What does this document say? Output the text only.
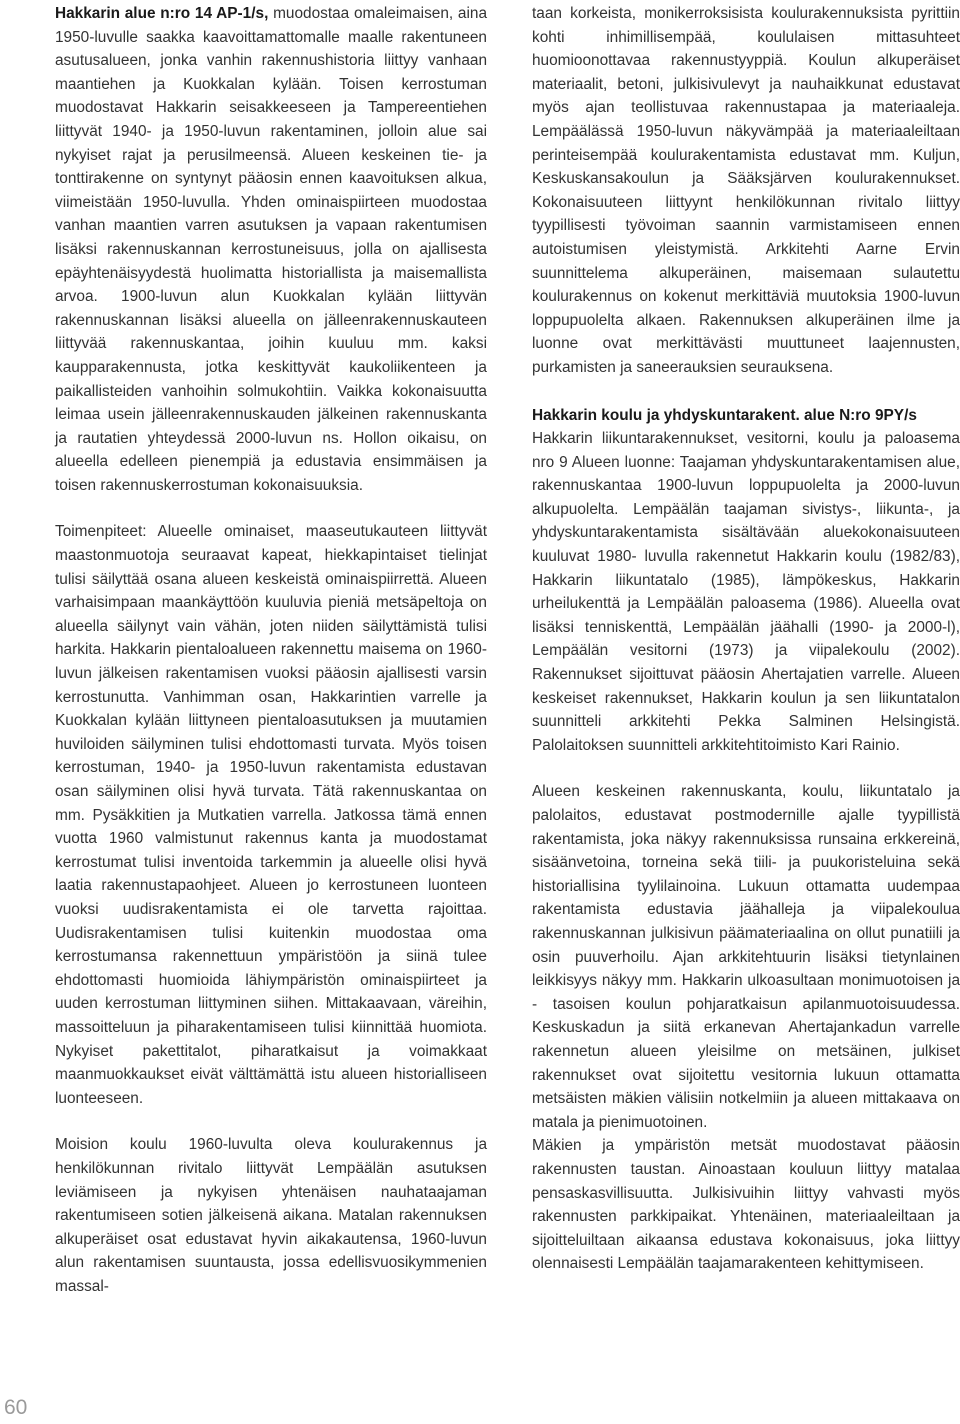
Hakkarin alue n:ro 14 AP-1/s, muodostaa omaleimaisen, aina 1950-luvulle saakka kaavoittamattomalle maalle rakentuneen asutusalueen, jonka vanhin rakennushistoria liittyy vanhaan maantiehen ja Kuokkalan kylään. Toisen kerrostuman muodostavat Hakkarin seisakkeeseen ja Tampereentiehen liittyvät 1940- ja 1950-luvun rakentaminen, jolloin alue sai nykyiset rajat ja perusilmeensä. Alueen keskeinen tie- ja tonttirakenne on syntynyt pääosin ennen kaavoituksen alkua, viimeistään 1950-luvulla. Yhden ominaispiirteen muodostaa vanhan maantien varren asutuksen ja vapaan rakentumisen lisäksi rakennuskannan kerrostuneisuus, jolla on ajallisesta epäyhtenäisyydestä huolimatta historiallista ja maisemallista arvoa. 1900-luvun alun Kuokkalan kylään liittyvän rakennuskannan lisäksi alueella on jälleenrakennuskauteen liittyvää rakennuskantaa, joihin kuuluu mm. kaksi kaupparakennusta, jotka keskittyvät kaukoliikenteen ja paikallisteiden vanhoihin solmukohtiin. Vaikka kokonaisuutta leimaa usein jälleenrakennuskauden jälkeinen rakennuskanta ja rautatien yhteydessä 2000-luvun ns. Hollon oikaisu, on alueella edelleen pienempiä ja edustavia ensimmäisen ja toisen rakennuskerrostuman kokonaisuuksia.

Toimenpiteet: Alueelle ominaiset, maaseutukauteen liittyvät maastonmuotoja seuraavat kapeat, hiekkapintaiset tielinjat tulisi säilyttää osana alueen keskeistä ominaispiirrettä. Alueen varhaisimpaan maankäyttöön kuuluvia pieniä metsäpeltoja on alueella säilynyt vain vähän, joten niiden säilyttämistä tulisi harkita. Hakkarin pientaloalueen rakennettu maisema on 1960- luvun jälkeisen rakentamisen vuoksi pääosin ajallisesti varsin kerrostunutta. Vanhimman osan, Hakkarintien varrelle ja Kuokkalan kylään liittyneen pientaloasutuksen ja muutamien huviloiden säilyminen tulisi ehdottomasti turvata. Myös toisen kerrostuman, 1940- ja 1950-luvun rakentamista edustavan osan säilyminen olisi hyvä turvata. Tätä rakennuskantaa on mm. Pysäkkitien ja Mutkatien varrella. Jatkossa tämä ennen vuotta 1960 valmistunut rakennus kanta ja muodostamat kerrostumat tulisi inventoida tarkemmin ja alueelle olisi hyvä laatia rakennustapaohjeet. Alueen jo kerrostuneen luonteen vuoksi uudisrakentamista ei ole tarvetta rajoittaa. Uudisrakentamisen tulisi kuitenkin muodostaa oma kerrostumansa rakennettuun ympäristöön ja siinä tulee ehdottomasti huomioida lähiympäristön ominaispiirteet ja uuden kerrostuman liittyminen siihen. Mittakaavaan, väreihin, massoitteluun ja piharakentamiseen tulisi kiinnittää huomiota. Nykyiset pakettitalot, piharatkaisut ja voimakkaat maanmuokkaukset eivät välttämättä istu alueen historialliseen luonteeseen.

Moision koulu 1960-luvulta oleva koulurakennus ja henkilökunnan rivitalo liittyvät Lempäälän asutuksen leviämiseen ja nykyisen yhtenäisen nauhataajaman rakentumiseen sotien jälkeisenä aikana. Matalan rakennuksen alkuperäiset osat edustavat hyvin aikakautensa, 1960-luvun alun rakentamisen suuntausta, jossa edellisvuosikymmenien massal-

taan korkeista, monikerroksisista koulurakennuksista pyrittiin kohti inhimillisempää, koululaisen mittasuhteet huomioonottavaa rakennustyyppiä. Koulun alkuperäiset materiaalit, betoni, julkisivulevyt ja nauhaikkunat edustavat myös ajan teollistuvaa rakennustapaa ja materiaaleja. Lempäälässä 1950-luvun näkyvämpää ja materiaaleiltaan perinteisempää koulurakentamista edustavat mm. Kuljun, Keskuskansakoulun ja Sääksjärven koulurakennukset. Kokonaisuuteen liittyynt henkilökunnan rivitalo liittyy tyypillisesti työvoiman saannin varmistamiseen ennen autoistumisen yleistymistä. Arkkitehti Aarne Ervin suunnittelema alkuperäinen, maisemaan sulautettu koulurakennus on kokenut merkittäviä muutoksia 1900-luvun loppupuolelta alkaen. Rakennuksen alkuperäinen ilme ja luonne ovat merkittävästi muuttuneet laajennusten, purkamisten ja saneerauksien seurauksena.

Hakkarin koulu ja yhdyskuntarakent. alue N:ro 9PY/s

Hakkarin liikuntarakennukset, vesitorni, koulu ja paloasema nro 9 Alueen luonne: Taajaman yhdyskuntarakentamisen alue, rakennuskantaa 1900-luvun loppupuolelta ja 2000-luvun alkupuolelta. Lempäälän taajaman sivistys-, liikunta-, ja yhdyskuntarakentamista sisältävään aluekokonaisuuteen kuuluvat 1980- luvulla rakennetut Hakkarin koulu (1982/83), Hakkarin liikuntatalo (1985), lämpökeskus, Hakkarin urheilukenttä ja Lempäälän paloasema (1986). Alueella ovat lisäksi tenniskenttä, Lempäälän jäähalli (1990- ja 2000-l), Lempäälän vesitorni (1973) ja viipalekoulu (2002). Rakennukset sijoittuvat pääosin Ahertajatien varrelle. Alueen keskeiset rakennukset, Hakkarin koulun ja sen liikuntatalon suunnitteli arkkitehti Pekka Salminen Helsingistä. Palolaitoksen suunnitteli arkkitehtitoimisto Kari Rainio.

Alueen keskeinen rakennuskanta, koulu, liikuntatalo ja palolaitos, edustavat postmodernille ajalle tyypillistä rakentamista, joka näkyy rakennuksissa runsaina erkkereinä, sisäänvetoina, torneina sekä tiili- ja puukoristeluina sekä historiallisina tyylilainoina. Lukuun ottamatta uudempaa rakentamista edustavia jäähalleja ja viipalekoulua rakennuskannan julkisivun päämateriaalina on ollut punatiili ja osin puuverhoilu. Ajan arkkitehtuurin lisäksi tietynlainen leikkisyys näkyy mm. Hakkarin ulkoasultaan monimuotoisen ja - tasoisen koulun pohjaratkaisun apilanmuotoisuudessa. Keskuskadun ja siitä erkanevan Ahertajankadun varrelle rakennetun alueen yleisilme on metsäinen, julkiset rakennukset ovat sijoitettu vesitornia lukuun ottamatta metsäisten mäkien välisiin notkelmiin ja alueen mittakaava on matala ja pienimuotoinen.

Mäkien ja ympäristön metsät muodostavat pääosin rakennusten taustan. Ainoastaan kouluun liittyy matalaa pensaskasvillisuutta. Julkisivuihin liittyy vahvasti myös rakennusten parkkipaikat. Yhtenäinen, materiaaleiltaan ja sijoitteluiltaan aikaansa edustava kokonaisuus, joka liittyy olennaisesti Lempäälän taajamarakenteen kehittymiseen.

60
